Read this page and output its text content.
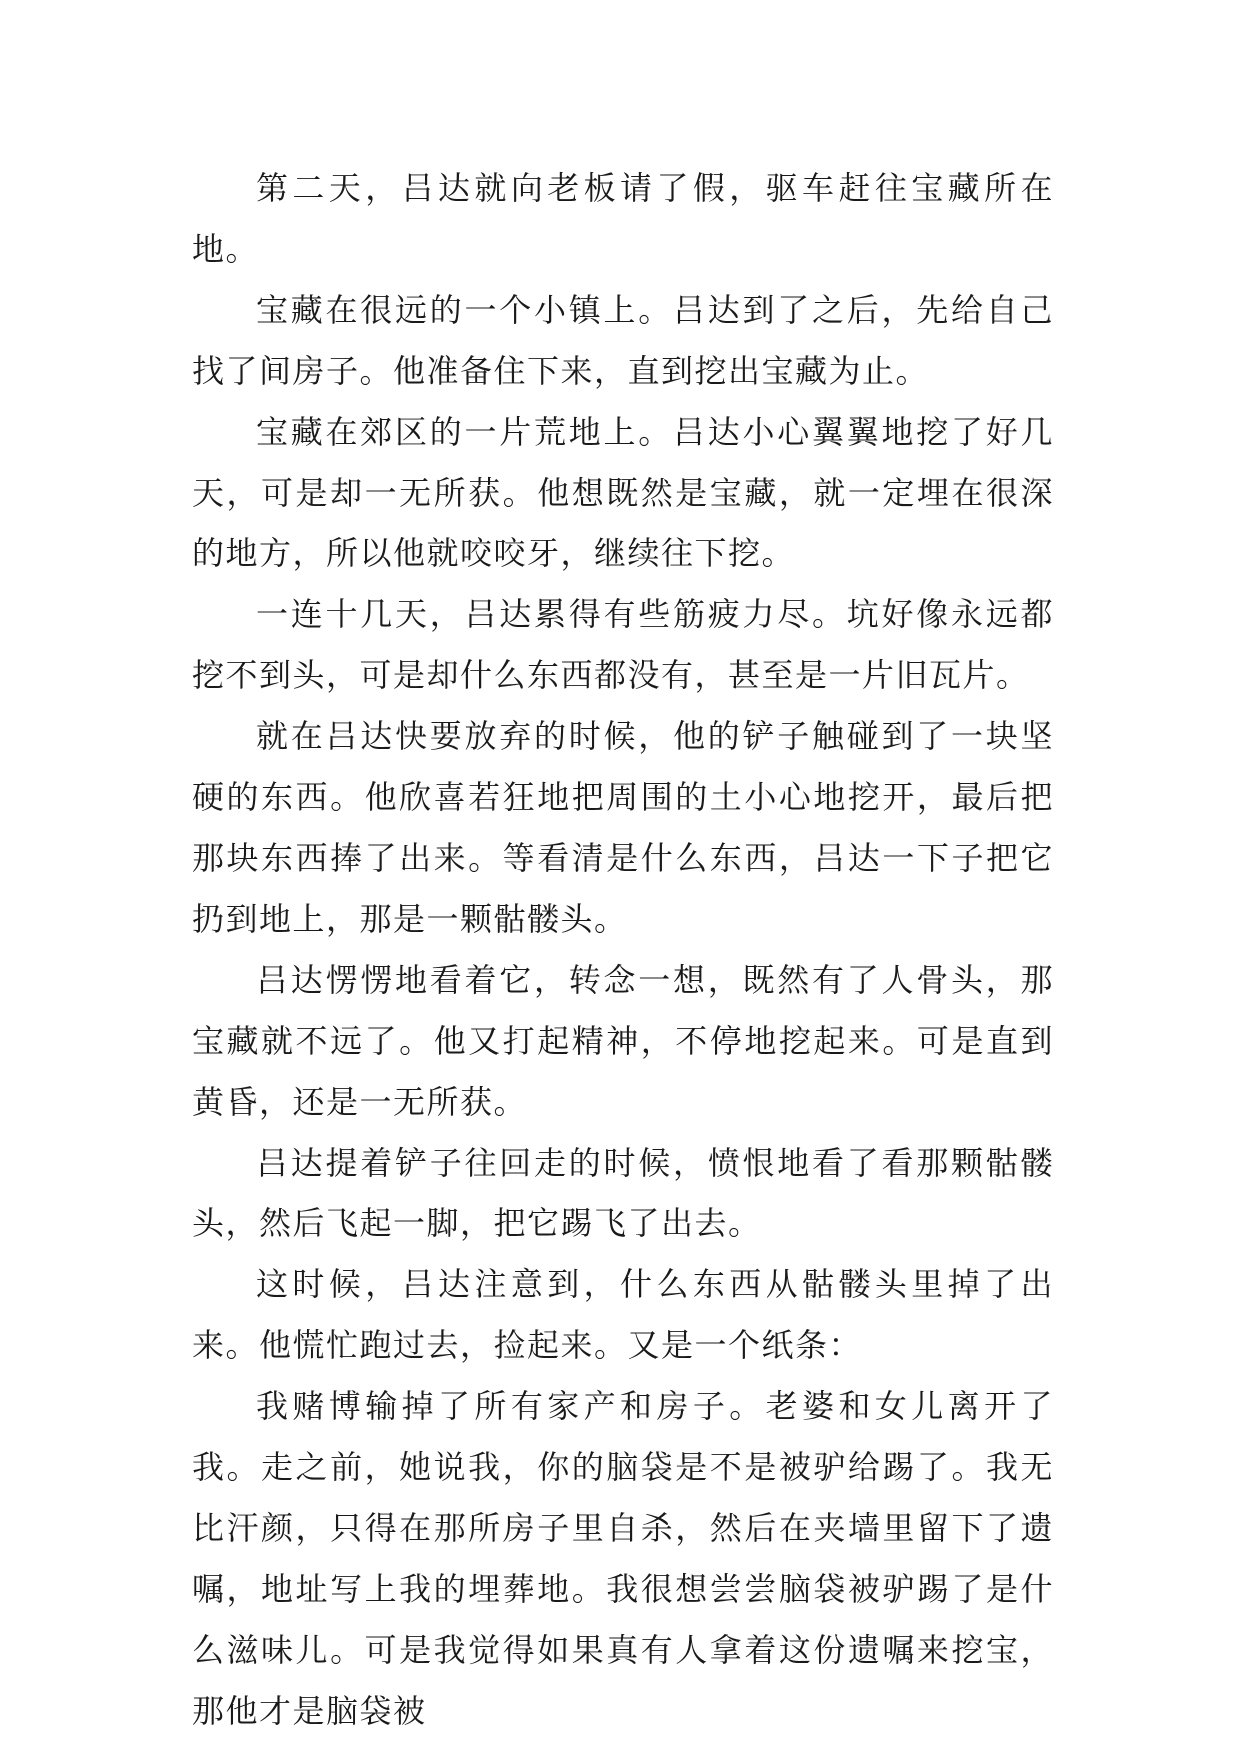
第二天，吕达就向老板请了假，驱车赶往宝藏所在地。

宝藏在很远的一个小镇上。吕达到了之后，先给自己找了间房子。他准备住下来，直到挖出宝藏为止。

宝藏在郊区的一片荒地上。吕达小心翼翼地挖了好几天，可是却一无所获。他想既然是宝藏，就一定埋在很深的地方，所以他就咬咬牙，继续往下挖。

一连十几天，吕达累得有些筋疲力尽。坑好像永远都挖不到头，可是却什么东西都没有，甚至是一片旧瓦片。

就在吕达快要放弃的时候，他的铲子触碰到了一块坚硬的东西。他欣喜若狂地把周围的土小心地挖开，最后把那块东西捧了出来。等看清是什么东西，吕达一下子把它扔到地上，那是一颗骷髅头。

吕达愣愣地看着它，转念一想，既然有了人骨头，那宝藏就不远了。他又打起精神，不停地挖起来。可是直到黄昏，还是一无所获。

吕达提着铲子往回走的时候，愤恨地看了看那颗骷髅头，然后飞起一脚，把它踢飞了出去。

这时候，吕达注意到，什么东西从骷髅头里掉了出来。他慌忙跑过去，捡起来。又是一个纸条：

我赌博输掉了所有家产和房子。老婆和女儿离开了我。走之前，她说我，你的脑袋是不是被驴给踢了。我无比汗颜，只得在那所房子里自杀，然后在夹墙里留下了遗嘱，地址写上我的埋葬地。我很想尝尝脑袋被驴踢了是什么滋味儿。可是我觉得如果真有人拿着这份遗嘱来挖宝，那他才是脑袋被
